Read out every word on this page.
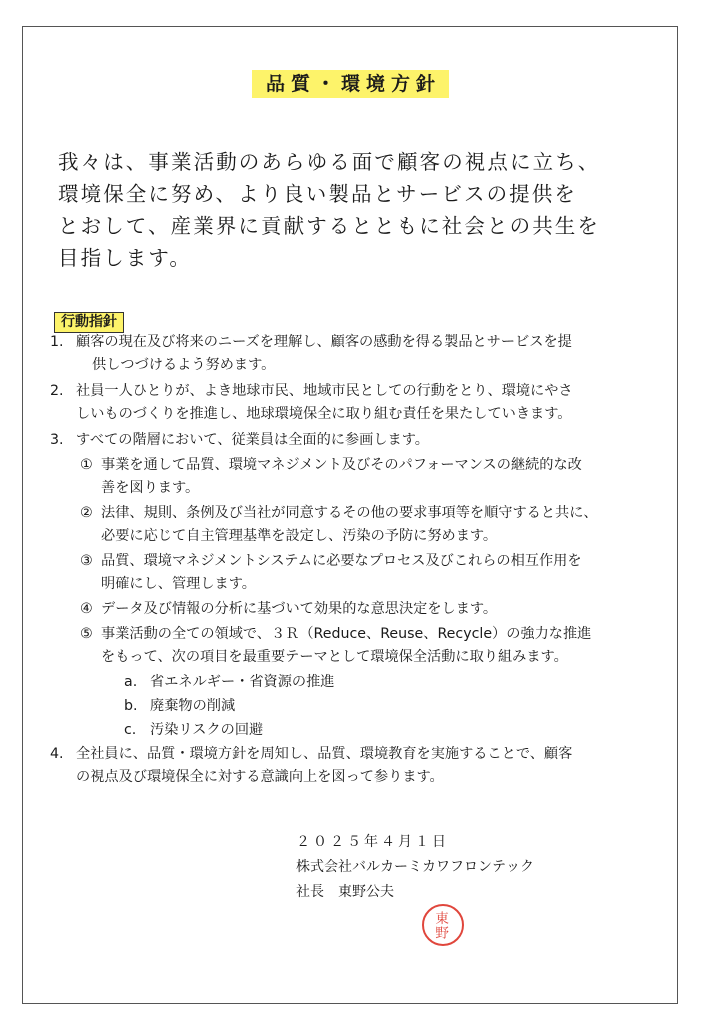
品質・環境方針
我々は、事業活動のあらゆる面で顧客の視点に立ち、
環境保全に努め、より良い製品とサービスの提供を
とおして、産業界に貢献するとともに社会との共生を
目指します。
行動指針
1. 顧客の現在及び将来のニーズを理解し、顧客の感動を得る製品とサービスを提
供しつづけるよう努めます。
2. 社員一人ひとりが、よき地球市民、地域市民としての行動をとり、環境にやさ
しいものづくりを推進し、地球環境保全に取り組む責任を果たしていきます。
3. すべての階層において、従業員は全面的に参画します。
① 事業を通して品質、環境マネジメント及びそのパフォーマンスの継続的な改
善を図ります。
② 法律、規則、条例及び当社が同意するその他の要求事項等を順守すると共に、
必要に応じて自主管理基準を設定し、汚染の予防に努めます。
③ 品質、環境マネジメントシステムに必要なプロセス及びこれらの相互作用を
明確にし、管理します。
④ データ及び情報の分析に基づいて効果的な意思決定をします。
⑤ 事業活動の全ての領域で、３Ｒ（Reduce、Reuse、Recycle）の強力な推進
をもって、次の項目を最重要テーマとして環境保全活動に取り組みます。
a. 省エネルギー・省資源の推進
b. 廃棄物の削減
c. 汚染リスクの回避
4. 全社員に、品質・環境方針を周知し、品質、環境教育を実施することで、顧客
の視点及び環境保全に対する意識向上を図って参ります。
２０２５年４月１日
株式会社バルカーミカワフロンテック
社長　東野公夫
東
野
